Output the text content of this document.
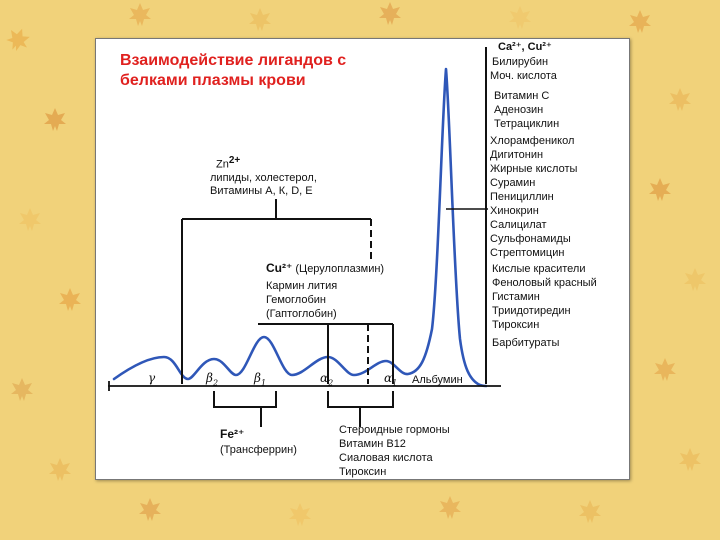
Взаимодействие лигандов с
белками плазмы крови
$Zn^{2+}$
липиды, холестерол,
Витамины А, К, D, Е
Cu²⁺ (Церулоплазмин)
Кармин лития
Гемоглобин
(Гаптоглобин)
Ca²⁺, Cu²⁺
Билирубин
Моч. кислота
Витамин С
Аденозин
Тетрациклин
Хлорамфеникол
Дигитонин
Жирные кислоты
Сурамин
Пенициллин
Хинокрин
Салицилат
Сульфонамиды
Стрептомицин
Кислые красители
Феноловый красный
Гистамин
Триидотиредин
Тироксин
Барбитураты
γ	$\beta_2$	$\beta_1$	$\alpha_2$	$\alpha_1$ Альбумин
Fe²⁺
(Трансферрин)
Стероидные гормоны
Витамин В12
Сиаловая кислота
Тироксин
